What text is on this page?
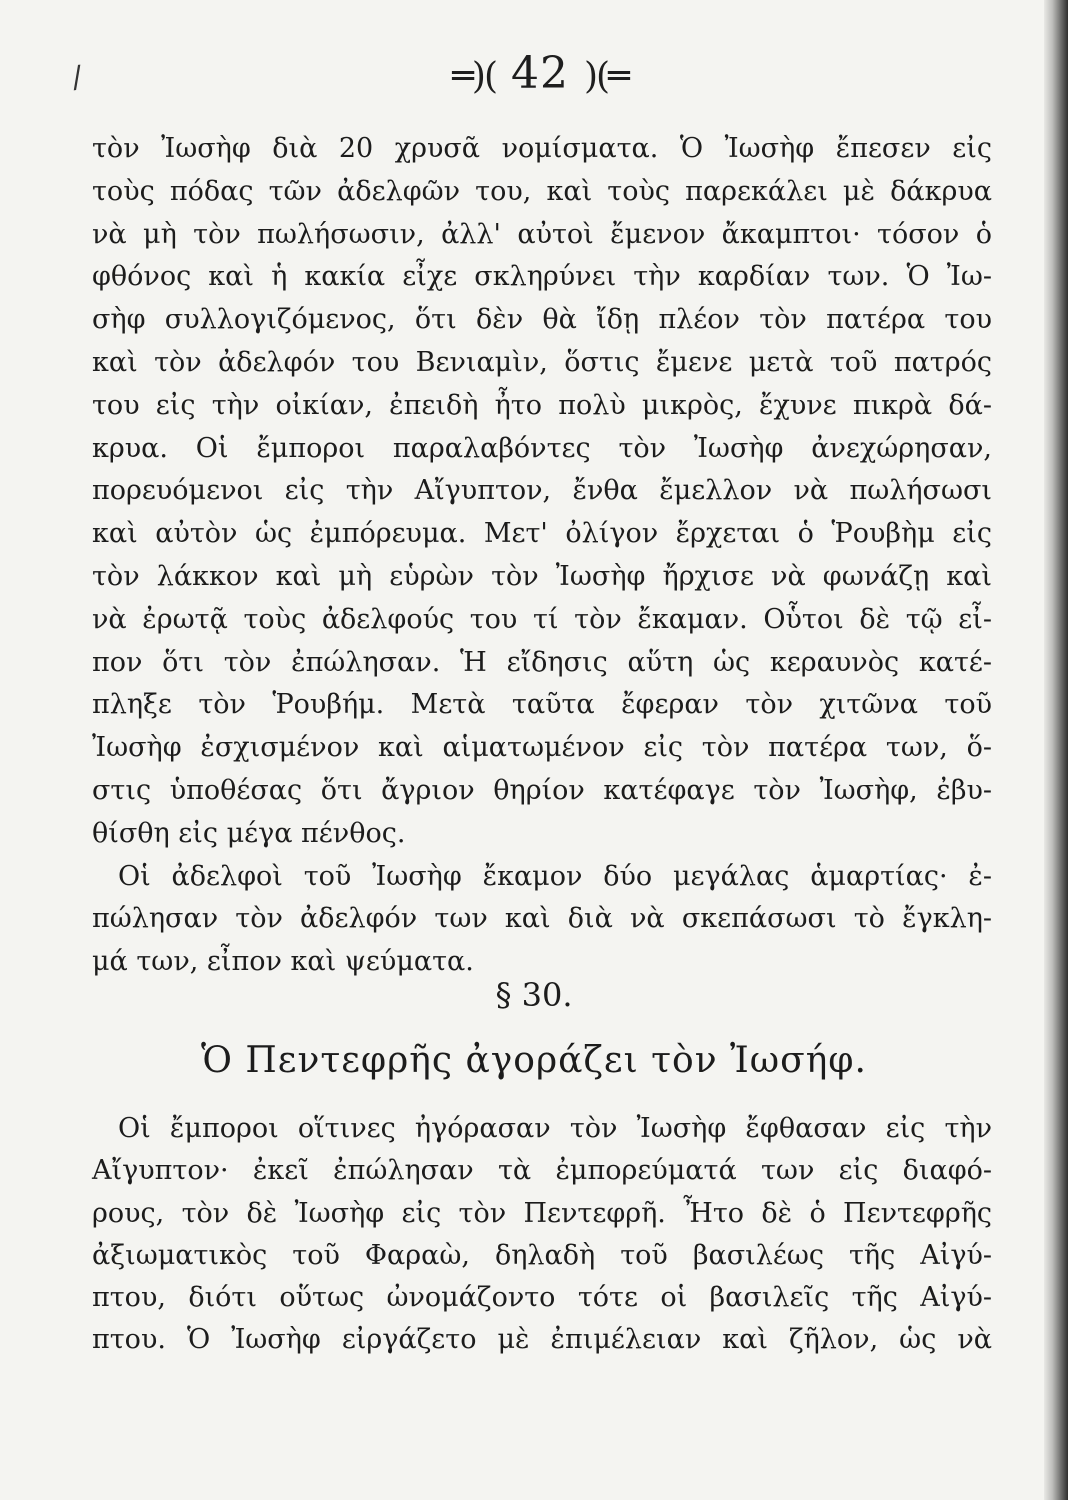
/	═)( 42 )(═
τὸν Ἰωσὴφ διὰ 20 χρυσᾶ νομίσματα. Ὁ Ἰωσὴφ ἔπεσεν εἰς
τοὺς πόδας τῶν ἀδελφῶν του, καὶ τοὺς παρεκάλει μὲ δάκρυα
νὰ μὴ τὸν πωλήσωσιν, ἀλλ' αὐτοὶ ἔμενον ἄκαμπτοι· τόσον ὁ
φθόνος καὶ ἡ κακία εἶχε σκληρύνει τὴν καρδίαν των. Ὁ Ἰω-
σὴφ συλλογιζόμενος, ὅτι δὲν θὰ ἴδῃ πλέον τὸν πατέρα του
καὶ τὸν ἀδελφόν του Βενιαμὶν, ὅστις ἔμενε μετὰ τοῦ πατρός
του εἰς τὴν οἰκίαν, ἐπειδὴ ἦτο πολὺ μικρὸς, ἔχυνε πικρὰ δά-
κρυα. Οἱ ἔμποροι παραλαβόντες τὸν Ἰωσὴφ ἀνεχώρησαν,
πορευόμενοι εἰς τὴν Αἴγυπτον, ἔνθα ἔμελλον νὰ πωλήσωσι
καὶ αὐτὸν ὡς ἐμπόρευμα. Μετ' ὀλίγον ἔρχεται ὁ Ῥουβὴμ εἰς
τὸν λάκκον καὶ μὴ εὑρὼν τὸν Ἰωσὴφ ἤρχισε νὰ φωνάζῃ καὶ
νὰ ἐρωτᾷ τοὺς ἀδελφούς του τί τὸν ἔκαμαν. Οὗτοι δὲ τῷ εἶ-
πον ὅτι τὸν ἐπώλησαν. Ἡ εἴδησις αὕτη ὡς κεραυνὸς κατέ-
πληξε τὸν Ῥουβήμ. Μετὰ ταῦτα ἔφεραν τὸν χιτῶνα τοῦ
Ἰωσὴφ ἐσχισμένον καὶ αἱματωμένον εἰς τὸν πατέρα των, ὅ-
στις ὑποθέσας ὅτι ἄγριον θηρίον κατέφαγε τὸν Ἰωσὴφ, ἐβυ-
θίσθη εἰς μέγα πένθος.
Οἱ ἀδελφοὶ τοῦ Ἰωσὴφ ἔκαμον δύο μεγάλας ἁμαρτίας· ἐ-
πώλησαν τὸν ἀδελφόν των καὶ διὰ νὰ σκεπάσωσι τὸ ἔγκλη-
μά των, εἶπον καὶ ψεύματα.
§ 30.
Ὁ Πεντεφρῆς ἀγοράζει τὸν Ἰωσήφ.
Οἱ ἔμποροι οἵτινες ἠγόρασαν τὸν Ἰωσὴφ ἔφθασαν εἰς τὴν
Αἴγυπτον· ἐκεῖ ἐπώλησαν τὰ ἐμπορεύματά των εἰς διαφό-
ρους, τὸν δὲ Ἰωσὴφ εἰς τὸν Πεντεφρῆ. Ἦτο δὲ ὁ Πεντεφρῆς
ἀξιωματικὸς τοῦ Φαραὼ, δηλαδὴ τοῦ βασιλέως τῆς Αἰγύ-
πτου, διότι οὕτως ὠνομάζοντο τότε οἱ βασιλεῖς τῆς Αἰγύ-
πτου. Ὁ Ἰωσὴφ εἰργάζετο μὲ ἐπιμέλειαν καὶ ζῆλον, ὡς νὰ
